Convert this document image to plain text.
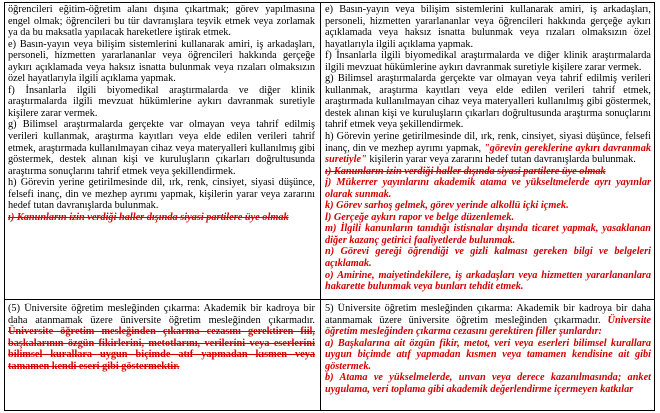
öğrencileri eğitim-öğretim alanı dışına çıkartmak; görev yapılmasına engel olmak; öğrencileri bu tür davranışlara teşvik etmek veya zorlamak ya da bu maksatla yapılacak hareketlere iştirak etmek.

e) Basın-yayın veya bilişim sistemlerini kullanarak amiri, iş arkadaşları, personeli, hizmetten yararlananlar veya öğrencileri hakkında gerçeğe aykırı açıklamada veya haksız isnatta bulunmak veya rızaları olmaksızın özel hayatlarıyla ilgili açıklama yapmak.

f) İnsanlarla ilgili biyomedikal araştırmalarda ve diğer klinik araştırmalarda ilgili mevzuat hükümlerine aykırı davranmak suretiyle kişilere zarar vermek.

g) Bilimsel araştırmalarda gerçekte var olmayan veya tahrif edilmiş verileri kullanmak, araştırma kayıtları veya elde edilen verileri tahrif etmek, araştırmada kullanılmayan cihaz veya materyalleri kullanılmış gibi göstermek, destek alınan kişi ve kuruluşların çıkarları doğrultusunda araştırma sonuçlarını tahrif etmek veya şekillendirmek.

h) Görevin yerine getirilmesinde dil, ırk, renk, cinsiyet, siyasi düşünce, felsefi inanç, din ve mezhep ayrımı yapmak, kişilerin yarar veya zararını hedef tutan davranışlarda bulunmak.

ı) Kanunların izin verdiği haller dışında siyasi partilere üye olmak

e) Basın-yayın veya bilişim sistemlerini kullanarak amiri, iş arkadaşları, personeli, hizmetten yararlananlar veya öğrencileri hakkında gerçeğe aykırı açıklamada veya haksız isnatta bulunmak veya rızaları olmaksızın özel hayatlarıyla ilgili açıklama yapmak.

f) İnsanlarla ilgili biyomedikal araştırmalarda ve diğer klinik araştırmalarda ilgili mevzuat hükümlerine aykırı davranmak suretiyle kişilere zarar vermek.

g) Bilimsel araştırmalarda gerçekte var olmayan veya tahrif edilmiş verileri kullanmak, araştırma kayıtları veya elde edilen verileri tahrif etmek, araştırmada kullanılmayan cihaz veya materyalleri kullanılmış gibi göstermek, destek alınan kişi ve kuruluşların çıkarları doğrultusunda araştırma sonuçlarını tahrif etmek veya şekillendirmek.

h) Görevin yerine getirilmesinde dil, ırk, renk, cinsiyet, siyasi düşünce, felsefi inanç, din ve mezhep ayrımı yapmak, "görevin gereklerine aykırı davranmak suretiyle" kişilerin yarar veya zararını hedef tutan davranışlarda bulunmak.

ı) Kanunların izin verdiği haller dışında siyasi partilere üye olmak

j) Mükerrer yayınlarını akademik atama ve yükseltmelerde ayrı yayınlar olarak sunmak.

k) Görev sarhoş gelmek, görev yerinde alkollü içki içmek.

l) Gerçeğe aykırı rapor ve belge düzenlemek.

m) İlgili kanunların tanıdığı istisnalar dışında ticaret yapmak, yasaklanan diğer kazanç getirici faaliyetlerde bulunmak.

n) Görevi gereği öğrendiği ve gizli kalması gereken bilgi ve belgeleri açıklamak.

o) Amirine, maiyetindekilere, iş arkadaşları veya hizmetten yararlananlara hakarette bulunmak veya bunları tehdit etmek.

(5) Üniversite öğretim mesleğinden çıkarma: Akademik bir kadroya bir daha atanmamak üzere üniversite öğretim mesleğinden çıkarmadır. Üniversite öğretim mesleğinden çıkarma cezasını gerektiren fiil, başkalarının özgün fikirlerini, metotlarını, verilerini veya eserlerini bilimsel kurallara uygun biçimde atıf yapmadan kısmen veya tamamen kendi eseri gibi göstermektir.

5) Üniversite öğretim mesleğinden çıkarma: Akademik bir kadroya bir daha atanmamak üzere üniversite öğretim mesleğinden çıkarmadır. Üniversite öğretim mesleğinden çıkarma cezasını gerektiren filler şunlardır:

a) Başkalarına ait özgün fikir, metot, veri veya eserleri bilimsel kurallara uygun biçimde atıf yapmadan kısmen veya tamamen kendisine ait gibi göstermek.

b) Atama ve yükselmelerde, unvan veya derece kazanılmasında; anket uygulama, veri toplama gibi akademik değerlendirme içermeyen katkılar
